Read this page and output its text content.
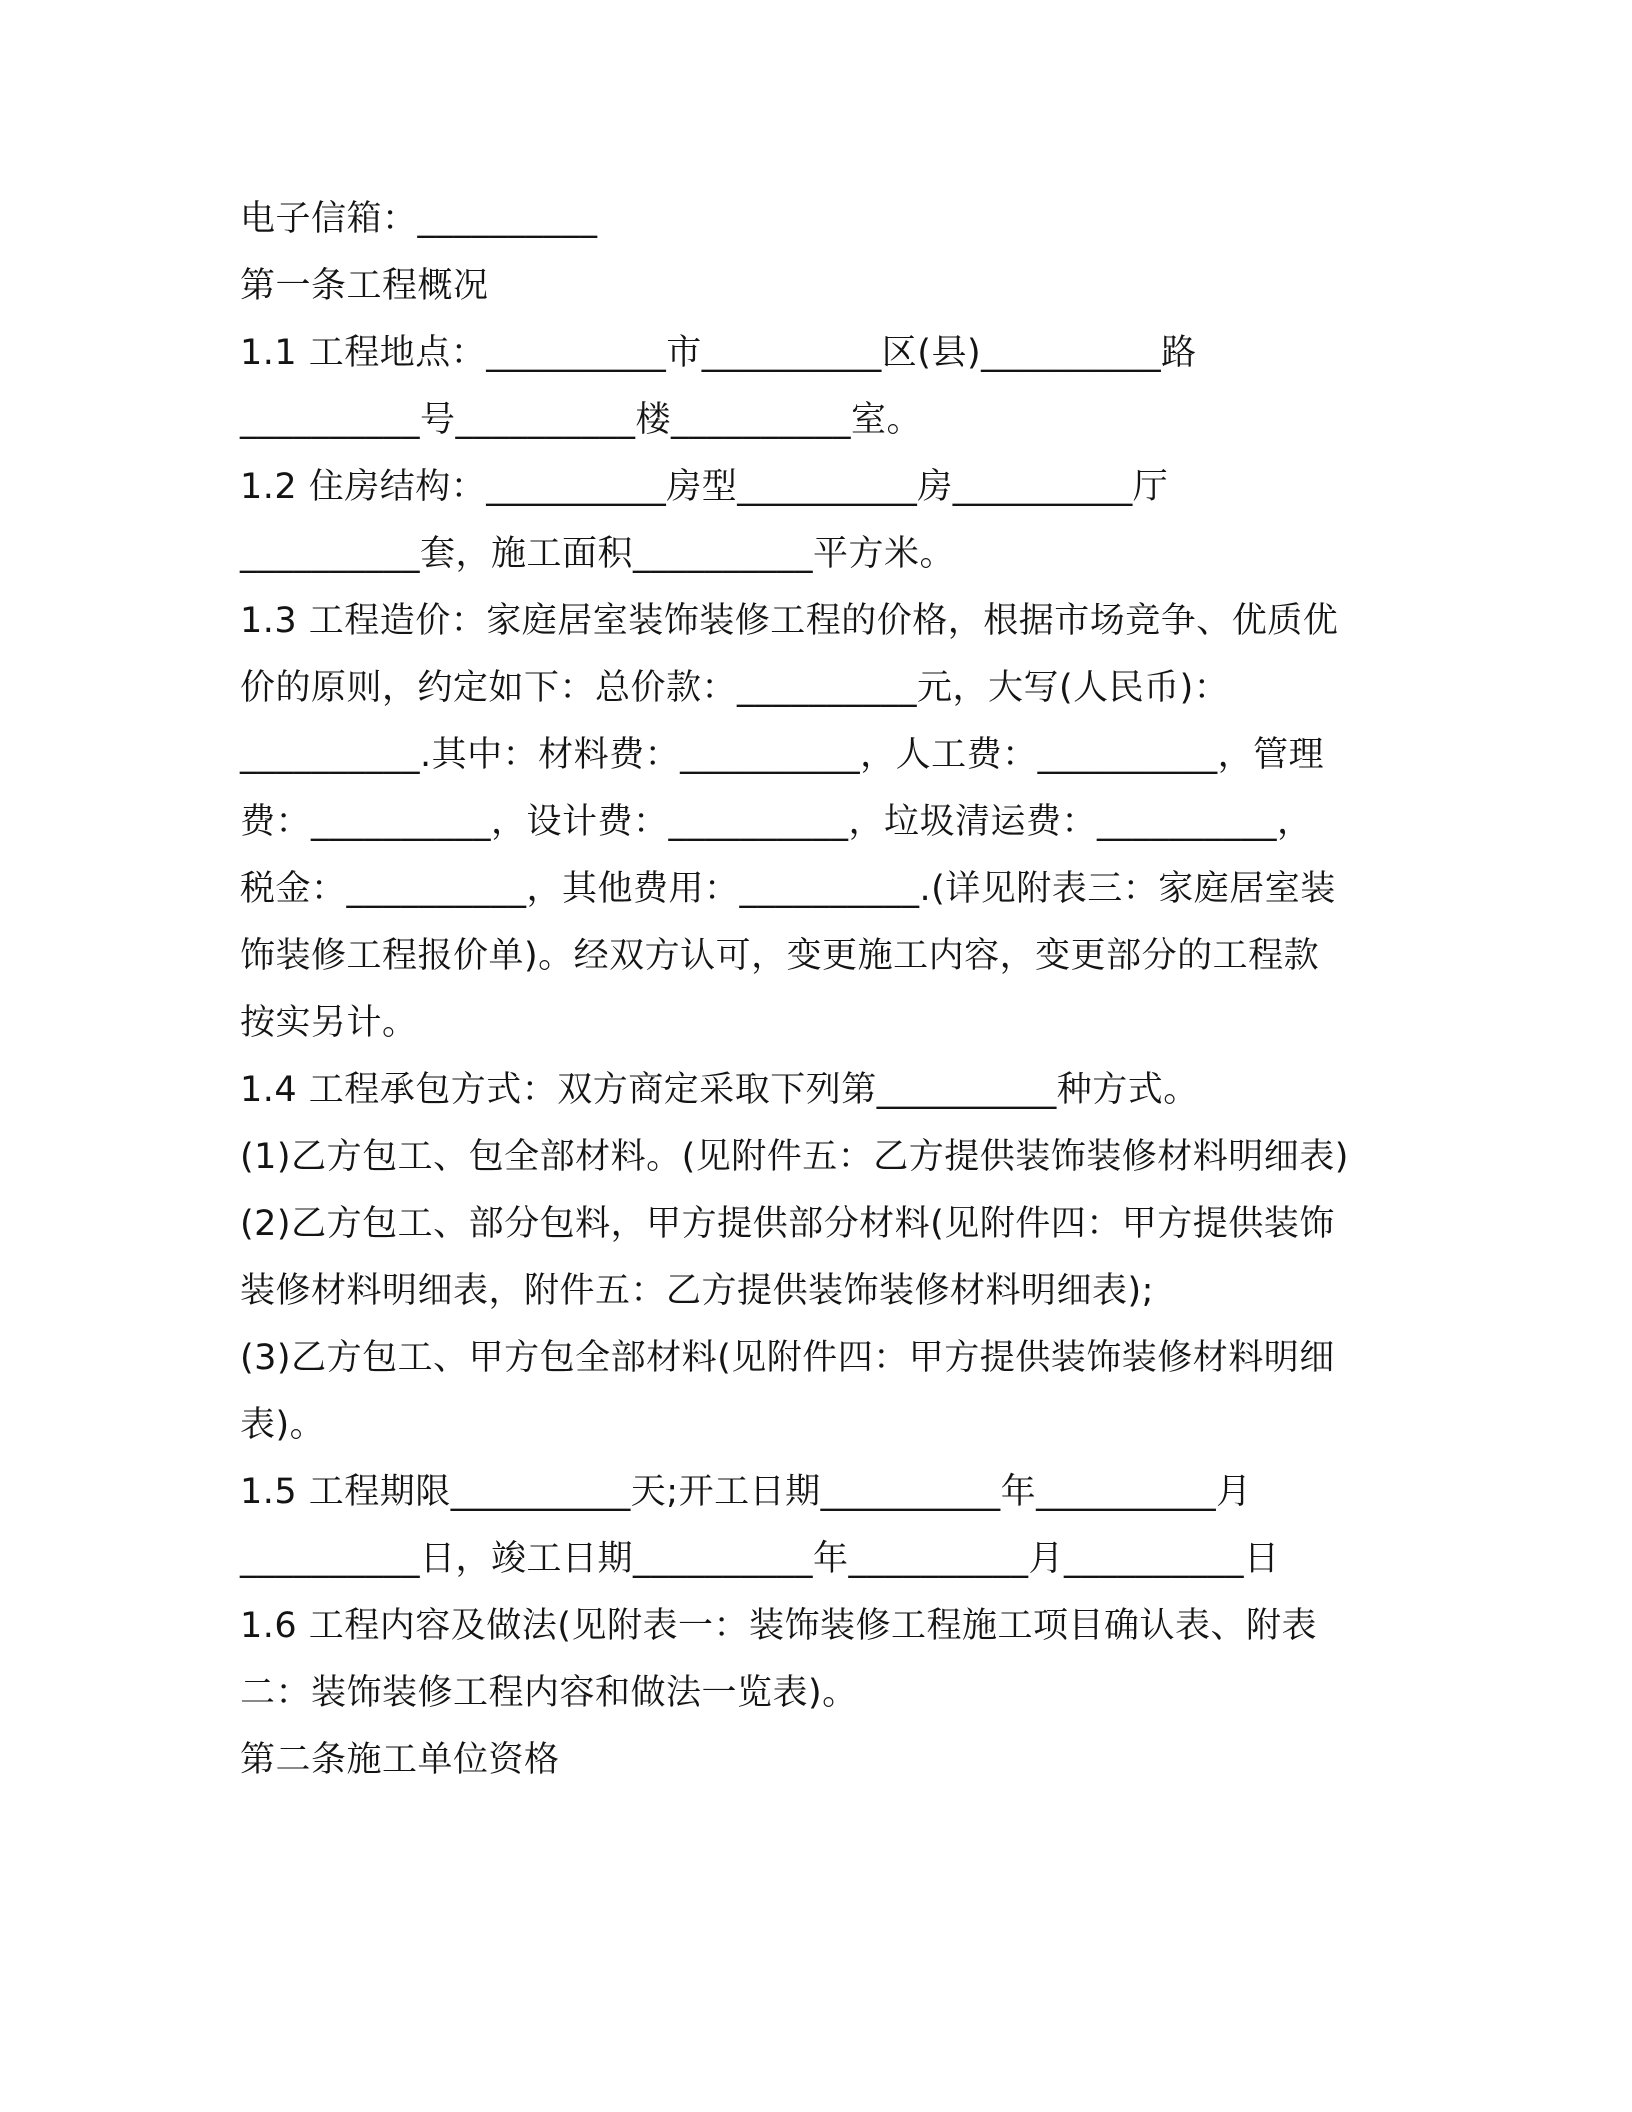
电子信箱：__________
第一条工程概况
1.1 工程地点：__________市__________区(县)__________路
__________号__________楼__________室。
1.2 住房结构：__________房型__________房__________厅
__________套，施工面积__________平方米。
1.3 工程造价：家庭居室装饰装修工程的价格，根据市场竞争、优质优
价的原则，约定如下：总价款：__________元，大写(人民币)：
__________.其中：材料费：__________，人工费：__________，管理
费：__________，设计费：__________，垃圾清运费：__________，
税金：__________，其他费用：__________.(详见附表三：家庭居室装
饰装修工程报价单)。经双方认可，变更施工内容，变更部分的工程款
按实另计。
1.4 工程承包方式：双方商定采取下列第__________种方式。
(1)乙方包工、包全部材料。(见附件五：乙方提供装饰装修材料明细表)
(2)乙方包工、部分包料，甲方提供部分材料(见附件四：甲方提供装饰
装修材料明细表，附件五：乙方提供装饰装修材料明细表);
(3)乙方包工、甲方包全部材料(见附件四：甲方提供装饰装修材料明细
表)。
1.5 工程期限__________天;开工日期__________年__________月
__________日，竣工日期__________年__________月__________日
1.6 工程内容及做法(见附表一：装饰装修工程施工项目确认表、附表
二：装饰装修工程内容和做法一览表)。
第二条施工单位资格
